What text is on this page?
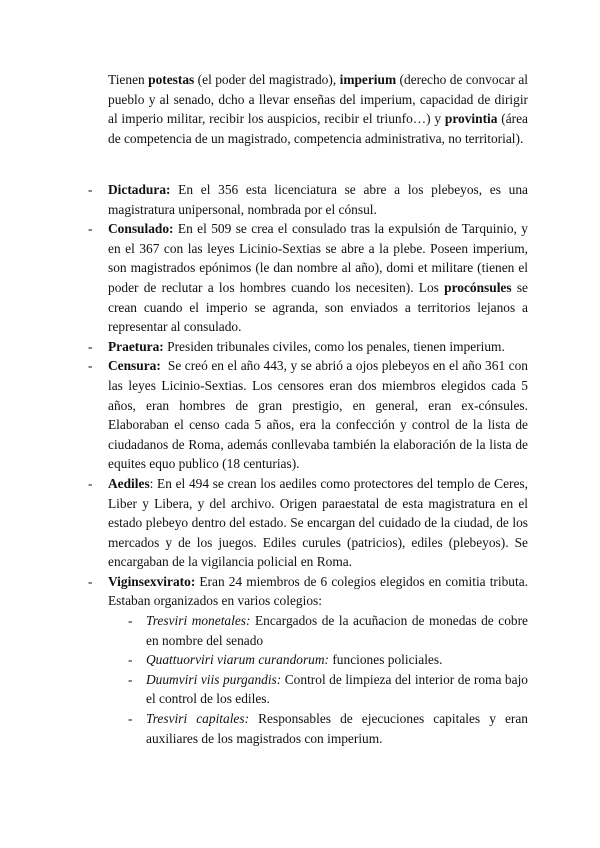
Tienen potestas (el poder del magistrado), imperium (derecho de convocar al pueblo y al senado, dcho a llevar enseñas del imperium, capacidad de dirigir al imperio militar, recibir los auspicios, recibir el triunfo…) y provintia (área de competencia de un magistrado, competencia administrativa, no territorial).

- Dictadura: En el 356 esta licenciatura se abre a los plebeyos, es una magistratura unipersonal, nombrada por el cónsul.
- Consulado: En el 509 se crea el consulado tras la expulsión de Tarquinio, y en el 367 con las leyes Licinio-Sextias se abre a la plebe. Poseen imperium, son magistrados epónimos (le dan nombre al año), domi et militare (tienen el poder de reclutar a los hombres cuando los necesiten). Los procónsules se crean cuando el imperio se agranda, son enviados a territorios lejanos a representar al consulado.
- Praetura: Presiden tribunales civiles, como los penales, tienen imperium.
- Censura:  Se creó en el año 443, y se abrió a ojos plebeyos en el año 361 con las leyes Licinio-Sextias. Los censores eran dos miembros elegidos cada 5 años, eran hombres de gran prestigio, en general, eran ex-cónsules. Elaboraban el censo cada 5 años, era la confección y control de la lista de ciudadanos de Roma, además conllevaba también la elaboración de la lista de equites equo publico (18 centurias).
- Aediles: En el 494 se crean los aediles como protectores del templo de Ceres, Liber y Libera, y del archivo. Origen paraestatal de esta magistratura en el estado plebeyo dentro del estado. Se encargan del cuidado de la ciudad, de los mercados y de los juegos. Ediles curules (patricios), ediles (plebeyos). Se encargaban de la vigilancia policial en Roma.
- Viginsexvirato: Eran 24 miembros de 6 colegios elegidos en comitia tributa. Estaban organizados en varios colegios:
- Tresviri monetales: Encargados de la acuñacion de monedas de cobre en nombre del senado
- Quattuorviri viarum curandorum: funciones policiales.
- Duumviri viis purgandis: Control de limpieza del interior de roma bajo el control de los ediles.
- Tresviri capitales: Responsables de ejecuciones capitales y eran auxiliares de los magistrados con imperium.
